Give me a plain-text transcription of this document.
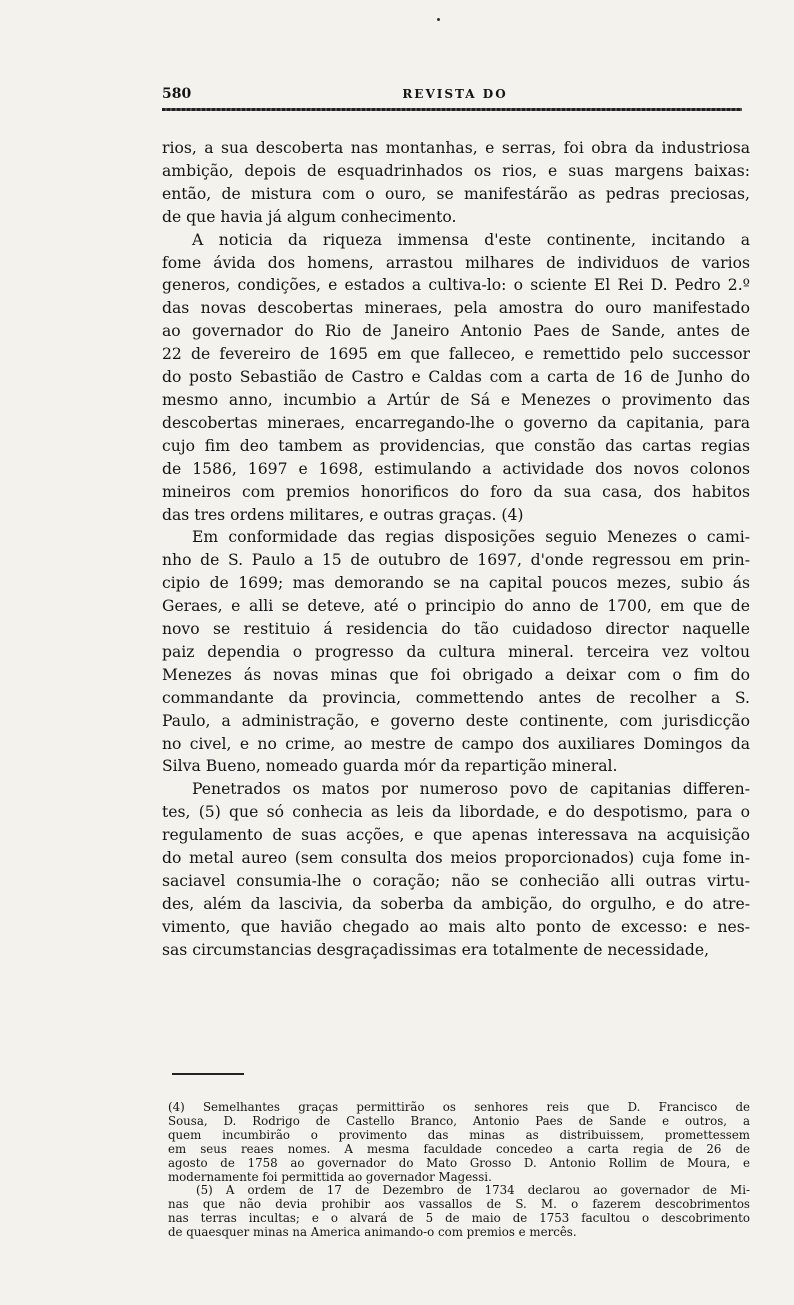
580	REVISTA DO
rios, a sua descoberta nas montanhas, e serras, foi obra da industriosa
ambição, depois de esquadrinhados os rios, e suas margens baixas:
então, de mistura com o ouro, se manifestárão as pedras preciosas,
de que havia já algum conhecimento.
A noticia da riqueza immensa d'este continente, incitando a
fome ávida dos homens, arrastou milhares de individuos de varios
generos, condições, e estados a cultiva-lo: o sciente El Rei D. Pedro 2.º
das novas descobertas mineraes, pela amostra do ouro manifestado
ao governador do Rio de Janeiro Antonio Paes de Sande, antes de
22 de fevereiro de 1695 em que falleceo, e remettido pelo successor
do posto Sebastião de Castro e Caldas com a carta de 16 de Junho do
mesmo anno, incumbio a Artúr de Sá e Menezes o provimento das
descobertas mineraes, encarregando-lhe o governo da capitania, para
cujo fim deo tambem as providencias, que constão das cartas regias
de 1586, 1697 e 1698, estimulando a actividade dos novos colonos
mineiros com premios honorificos do foro da sua casa, dos habitos
das tres ordens militares, e outras graças. (4)
Em conformidade das regias disposições seguio Menezes o cami-
nho de S. Paulo a 15 de outubro de 1697, d'onde regressou em prin-
cipio de 1699; mas demorando se na capital poucos mezes, subio ás
Geraes, e alli se deteve, até o principio do anno de 1700, em que de
novo se restituio á residencia do tão cuidadoso director naquelle
paiz dependia o progresso da cultura mineral. terceira vez voltou
Menezes ás novas minas que foi obrigado a deixar com o fim do
commandante da provincia, commettendo antes de recolher a S.
Paulo, a administração, e governo deste continente, com jurisdicção
no civel, e no crime, ao mestre de campo dos auxiliares Domingos da
Silva Bueno, nomeado guarda mór da repartição mineral.
Penetrados os matos por numeroso povo de capitanias differen-
tes, (5) que só conhecia as leis da libordade, e do despotismo, para o
regulamento de suas acções, e que apenas interessava na acquisição
do metal aureo (sem consulta dos meios proporcionados) cuja fome in-
saciavel consumia-lhe o coração; não se conhecião alli outras virtu-
des, além da lascivia, da soberba da ambição, do orgulho, e do atre-
vimento, que havião chegado ao mais alto ponto de excesso: e nes-
sas circumstancias desgraçadissimas era totalmente de necessidade,
(4) Semelhantes graças permittirão os senhores reis que D. Francisco de
Sousa, D. Rodrigo de Castello Branco, Antonio Paes de Sande e outros, a
quem incumbirão o provimento das minas as distribuissem, promettessem
em seus reaes nomes. A mesma faculdade concedeo a carta regia de 26 de
agosto de 1758 ao governador do Mato Grosso D. Antonio Rollim de Moura, e
modernamente foi permittida ao governador Magessi.
(5) A ordem de 17 de Dezembro de 1734 declarou ao governador de Mi-
nas que não devia prohibir aos vassallos de S. M. o fazerem descobrimentos
nas terras incultas; e o alvará de 5 de maio de 1753 facultou o descobrimento
de quaesquer minas na America animando-o com premios e mercês.
